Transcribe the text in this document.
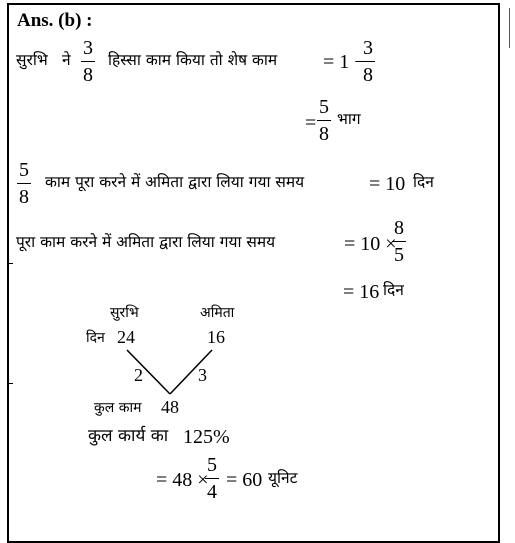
Ans. (b) :
सुरभि ने
3
8
हिस्सा काम किया तो शेष काम = 1 −
3
8
=
5
8
भाग
5
8
काम पूरा करने में अमिता द्वारा लिया गया समय	= 10 दिन
पूरा काम करने में अमिता द्वारा लिया गया समय	= 10 ×
8
5
= 16 दिन
सुरभि	अमिता
दिन 24	16
2	3
कुल काम 48
कुल कार्य का 125%
= 48 ×
5
4
= 60 यूनिट
